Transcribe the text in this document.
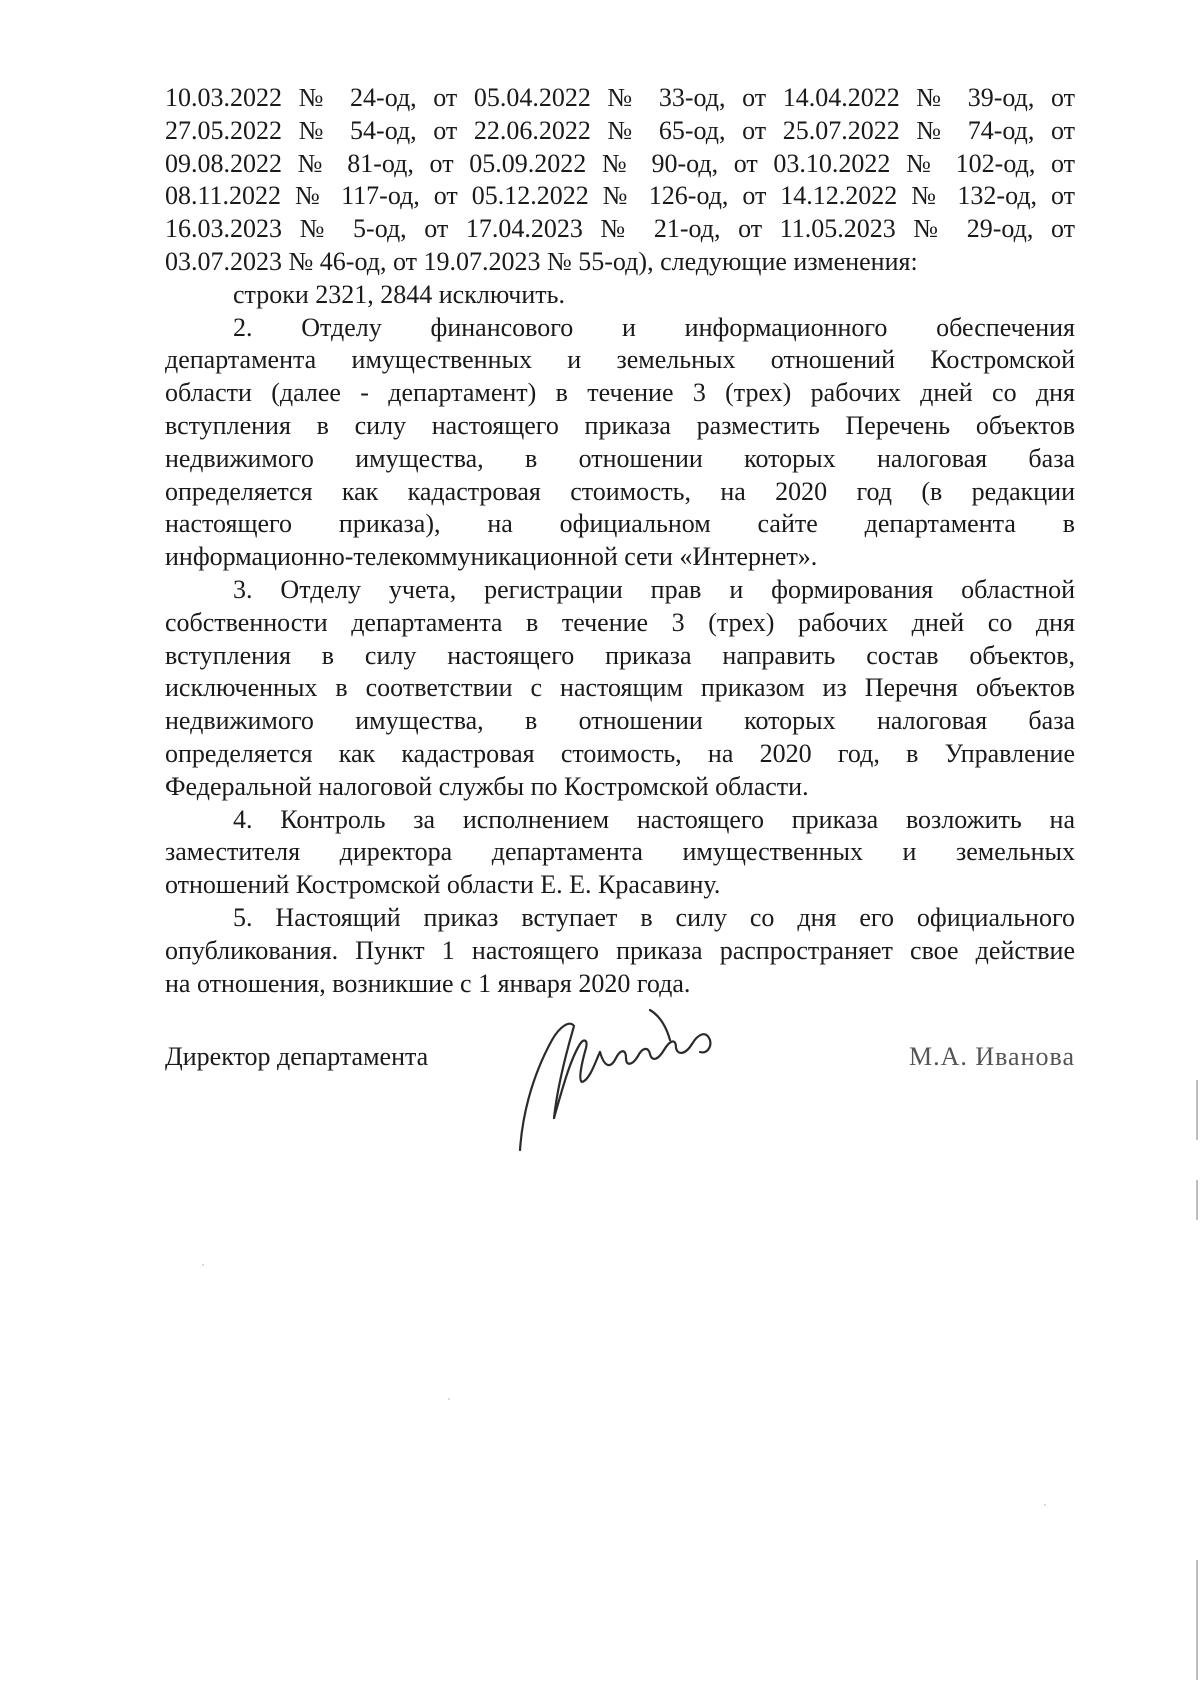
10.03.2022 № 24-од, от 05.04.2022 № 33-од, от 14.04.2022 № 39-од, от
27.05.2022 № 54-од, от 22.06.2022 № 65-од, от 25.07.2022 № 74-од, от
09.08.2022 № 81-од, от 05.09.2022 № 90-од, от 03.10.2022 № 102-од, от
08.11.2022 № 117-од, от 05.12.2022 № 126-од, от 14.12.2022 № 132-од, от
16.03.2023 № 5-од, от 17.04.2023 № 21-од, от 11.05.2023 № 29-од, от
03.07.2023 № 46-од, от 19.07.2023 № 55-од), следующие изменения:
строки 2321, 2844 исключить.
2. Отделу финансового и информационного обеспечения
департамента имущественных и земельных отношений Костромской
области (далее - департамент) в течение 3 (трех) рабочих дней со дня
вступления в силу настоящего приказа разместить Перечень объектов
недвижимого имущества, в отношении которых налоговая база
определяется как кадастровая стоимость, на 2020 год (в редакции
настоящего приказа), на официальном сайте департамента в
информационно-телекоммуникационной сети «Интернет».
3. Отделу учета, регистрации прав и формирования областной
собственности департамента в течение 3 (трех) рабочих дней со дня
вступления в силу настоящего приказа направить состав объектов,
исключенных в соответствии с настоящим приказом из Перечня объектов
недвижимого имущества, в отношении которых налоговая база
определяется как кадастровая стоимость, на 2020 год, в Управление
Федеральной налоговой службы по Костромской области.
4. Контроль за исполнением настоящего приказа возложить на
заместителя директора департамента имущественных и земельных
отношений Костромской области Е. Е. Красавину.
5. Настоящий приказ вступает в силу со дня его официального
опубликования. Пункт 1 настоящего приказа распространяет свое действие
на отношения, возникшие с 1 января 2020 года.
Директор департамента	М.А. Иванова
